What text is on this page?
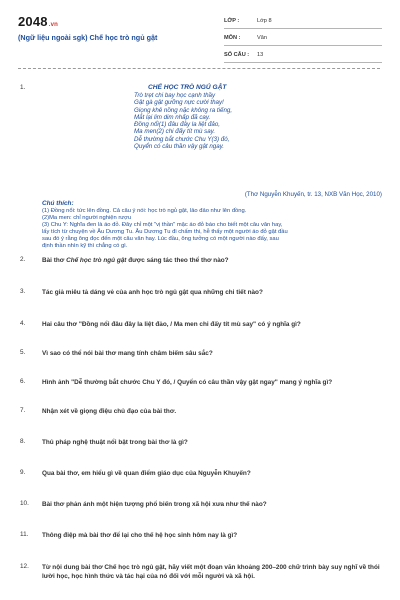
2048.vn
(Ngữ liệu ngoài sgk) Chế học trò ngủ gật
LỚP :	Lớp 8
MÔN :	Văn
SỐ CÂU : 13
1.	CHẾ HỌC TRÒ NGỦ GẬT
Trò trẹt chi bay học cạnh thầy
Gật gà gật gưỡng nực cười thay!
Giọng khê nồng nặc không ra tiếng,
Mắt lại lim dim nhấp đã cay.
Đồng nổi(1) đâu đây la liệt đảo,
Ma men(2) chi đấy tít mù say.
Dễ thường bắt chước Chu Y(3) đó,
Quyển có câu thần vậy gật ngay.
(Thơ Nguyễn Khuyến, tr. 13, NXB Văn Học, 2010)
Chú thích:
(1) Đồng nổi: tức lên đồng. Cả câu ý nói: học trò ngủ gật, lảo đảo như lên đồng.
(2)Ma men: chỉ người nghiện rượu
(3) Chu Y: Nghĩa đen là áo đỏ. Đây chỉ một "vị thần" mặc áo đỏ báo cho biết một câu văn hay,
lấy tích từ chuyện về Âu Dương Tu. Âu Dương Tu đi chấm thi, hễ thấy một người áo đỏ gật đầu
sau đó ý rằng ông đọc đến một câu văn hay. Lúc đầu, ông tưởng có một người nào đấy, sau
định thần nhìn kỹ thì chẳng có gì.
2.	Bài thơ Chế học trò ngủ gật được sáng tác theo thể thơ nào?
3.	Tác giả miêu tả dáng vẻ của anh học trò ngủ gật qua những chi tiết nào?
4.	Hai câu thơ "Đồng nổi đâu đây la liệt đảo, / Ma men chi đấy tít mù say" có ý nghĩa gì?
5.	Vì sao có thể nói bài thơ mang tính châm biếm sâu sắc?
6.	Hình ảnh "Dễ thường bắt chước Chu Y đó, / Quyển có câu thần vậy gật ngay" mang ý nghĩa gì?
7.	Nhận xét về giọng điệu chủ đạo của bài thơ.
8.	Thủ pháp nghệ thuật nổi bật trong bài thơ là gì?
9.	Qua bài thơ, em hiểu gì về quan điểm giáo dục của Nguyễn Khuyến?
10. Bài thơ phản ánh một hiện tượng phổ biến trong xã hội xưa như thế nào?
11. Thông điệp mà bài thơ để lại cho thế hệ học sinh hôm nay là gì?
12. Từ nội dung bài thơ Chế học trò ngủ gật, hãy viết một đoạn văn khoảng 200–200 chữ trình bày suy nghĩ về thói lười học, học hình thức và tác hại của nó đối với mỗi người và xã hội.
